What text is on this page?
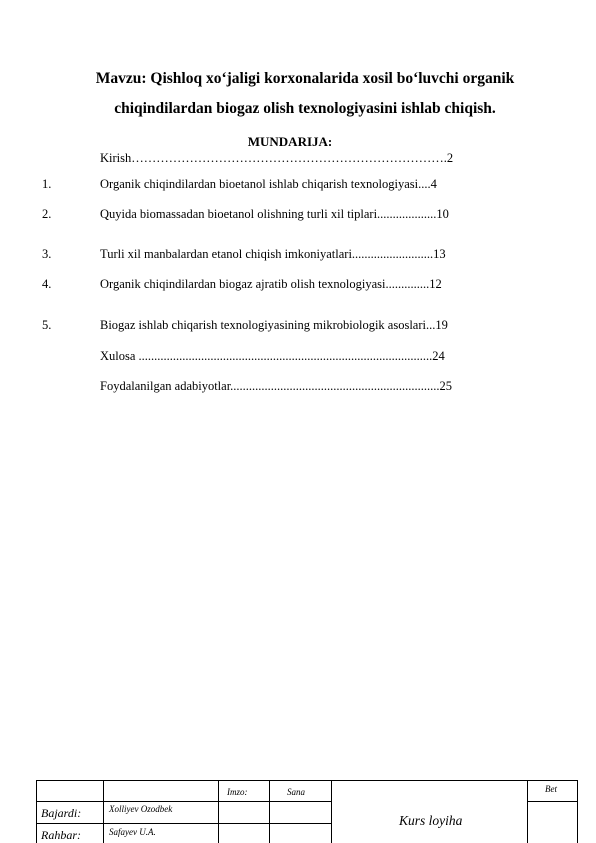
Mavzu: Qishloq xo‘jaligi korxonalarida xosil bo‘luvchi organik
chiqindilardan biogaz olish texnologiyasini ishlab chiqish.
MUNDARIJA:
Kirish………………………………………………………………….2
1.	Organik chiqindilardan bioetanol ishlab chiqarish texnologiyasi....4
2.	Quyida biomassadan bioetanol olishning turli xil tiplari...................10
3.	Turli xil manbalardan etanol chiqish imkoniyatlari..........................13
4.	Organik chiqindilardan biogaz ajratib olish texnologiyasi..............12
5.	Biogaz ishlab chiqarish texnologiyasining mikrobiologik asoslari...19
Xulosa ..............................................................................................24
Foydalanilgan adabiyotlar...................................................................25
Imzo:	Sana	Bet
Bajardi:	Xolliyev Ozodbek
Rahbar:	Safayev U.A.
Kurs loyiha
